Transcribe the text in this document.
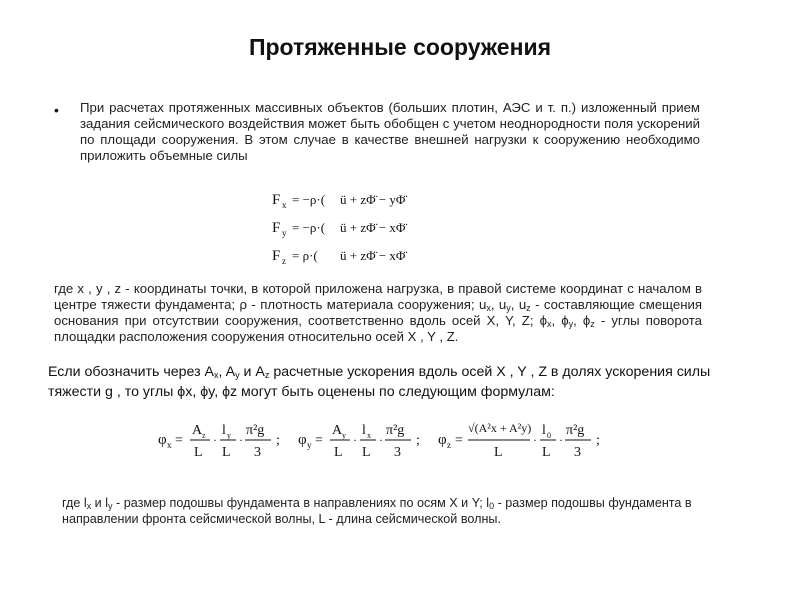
Протяженные сооружения
• При расчетах протяженных массивных объектов (больших плотин, АЭС и т. п.) изложенный прием задания сейсмического воздействия может быть обобщен с учетом неоднородности поля ускорений по площади сооружения. В этом случае в качестве внешней нагрузки к сооружению необходимо приложить объемные силы
F x = −ρ·( ü + zΦ̈ − yΦ̈
F y = −ρ·( ü + zΦ̈ − xΦ̈
F z = ρ·( ü + zΦ̈ − xΦ̈
где x , y , z - координаты точки, в которой приложена нагрузка, в правой системе координат с началом в центре тяжести фундамента; ρ - плотность материала сооружения; $u_x$, $u_y$, $u_z$ - составляющие смещения основания при отсутствии сооружения, соответственно вдоль осей X, Y, Z; $\phi_x$, $\phi_y$, $\phi_z$ - углы поворота площадки расположения сооружения относительно осей X , Y , Z.
Если обозначить через $A_x$, $A_y$ и $A_z$ расчетные ускорения вдоль осей X , Y , Z в долях ускорения силы тяжести g , то углы ϕx, ϕy, ϕz могут быть оценены по следующим формулам:
φ x =
A z
L
·
l y
L
·
π²g
3
; φ y =
A y
L
·
l x
L
·
π²g
3
; φ z =
√(A²x + A²y)
L
·
l 0
L
·
π²g
3
;
где $l_x$ и $l_y$ - размер подошвы фундамента в направлениях по осям X и Y; $l_0$ - размер подошвы фундамента в направлении фронта сейсмической волны, L - длина сейсмической волны.
